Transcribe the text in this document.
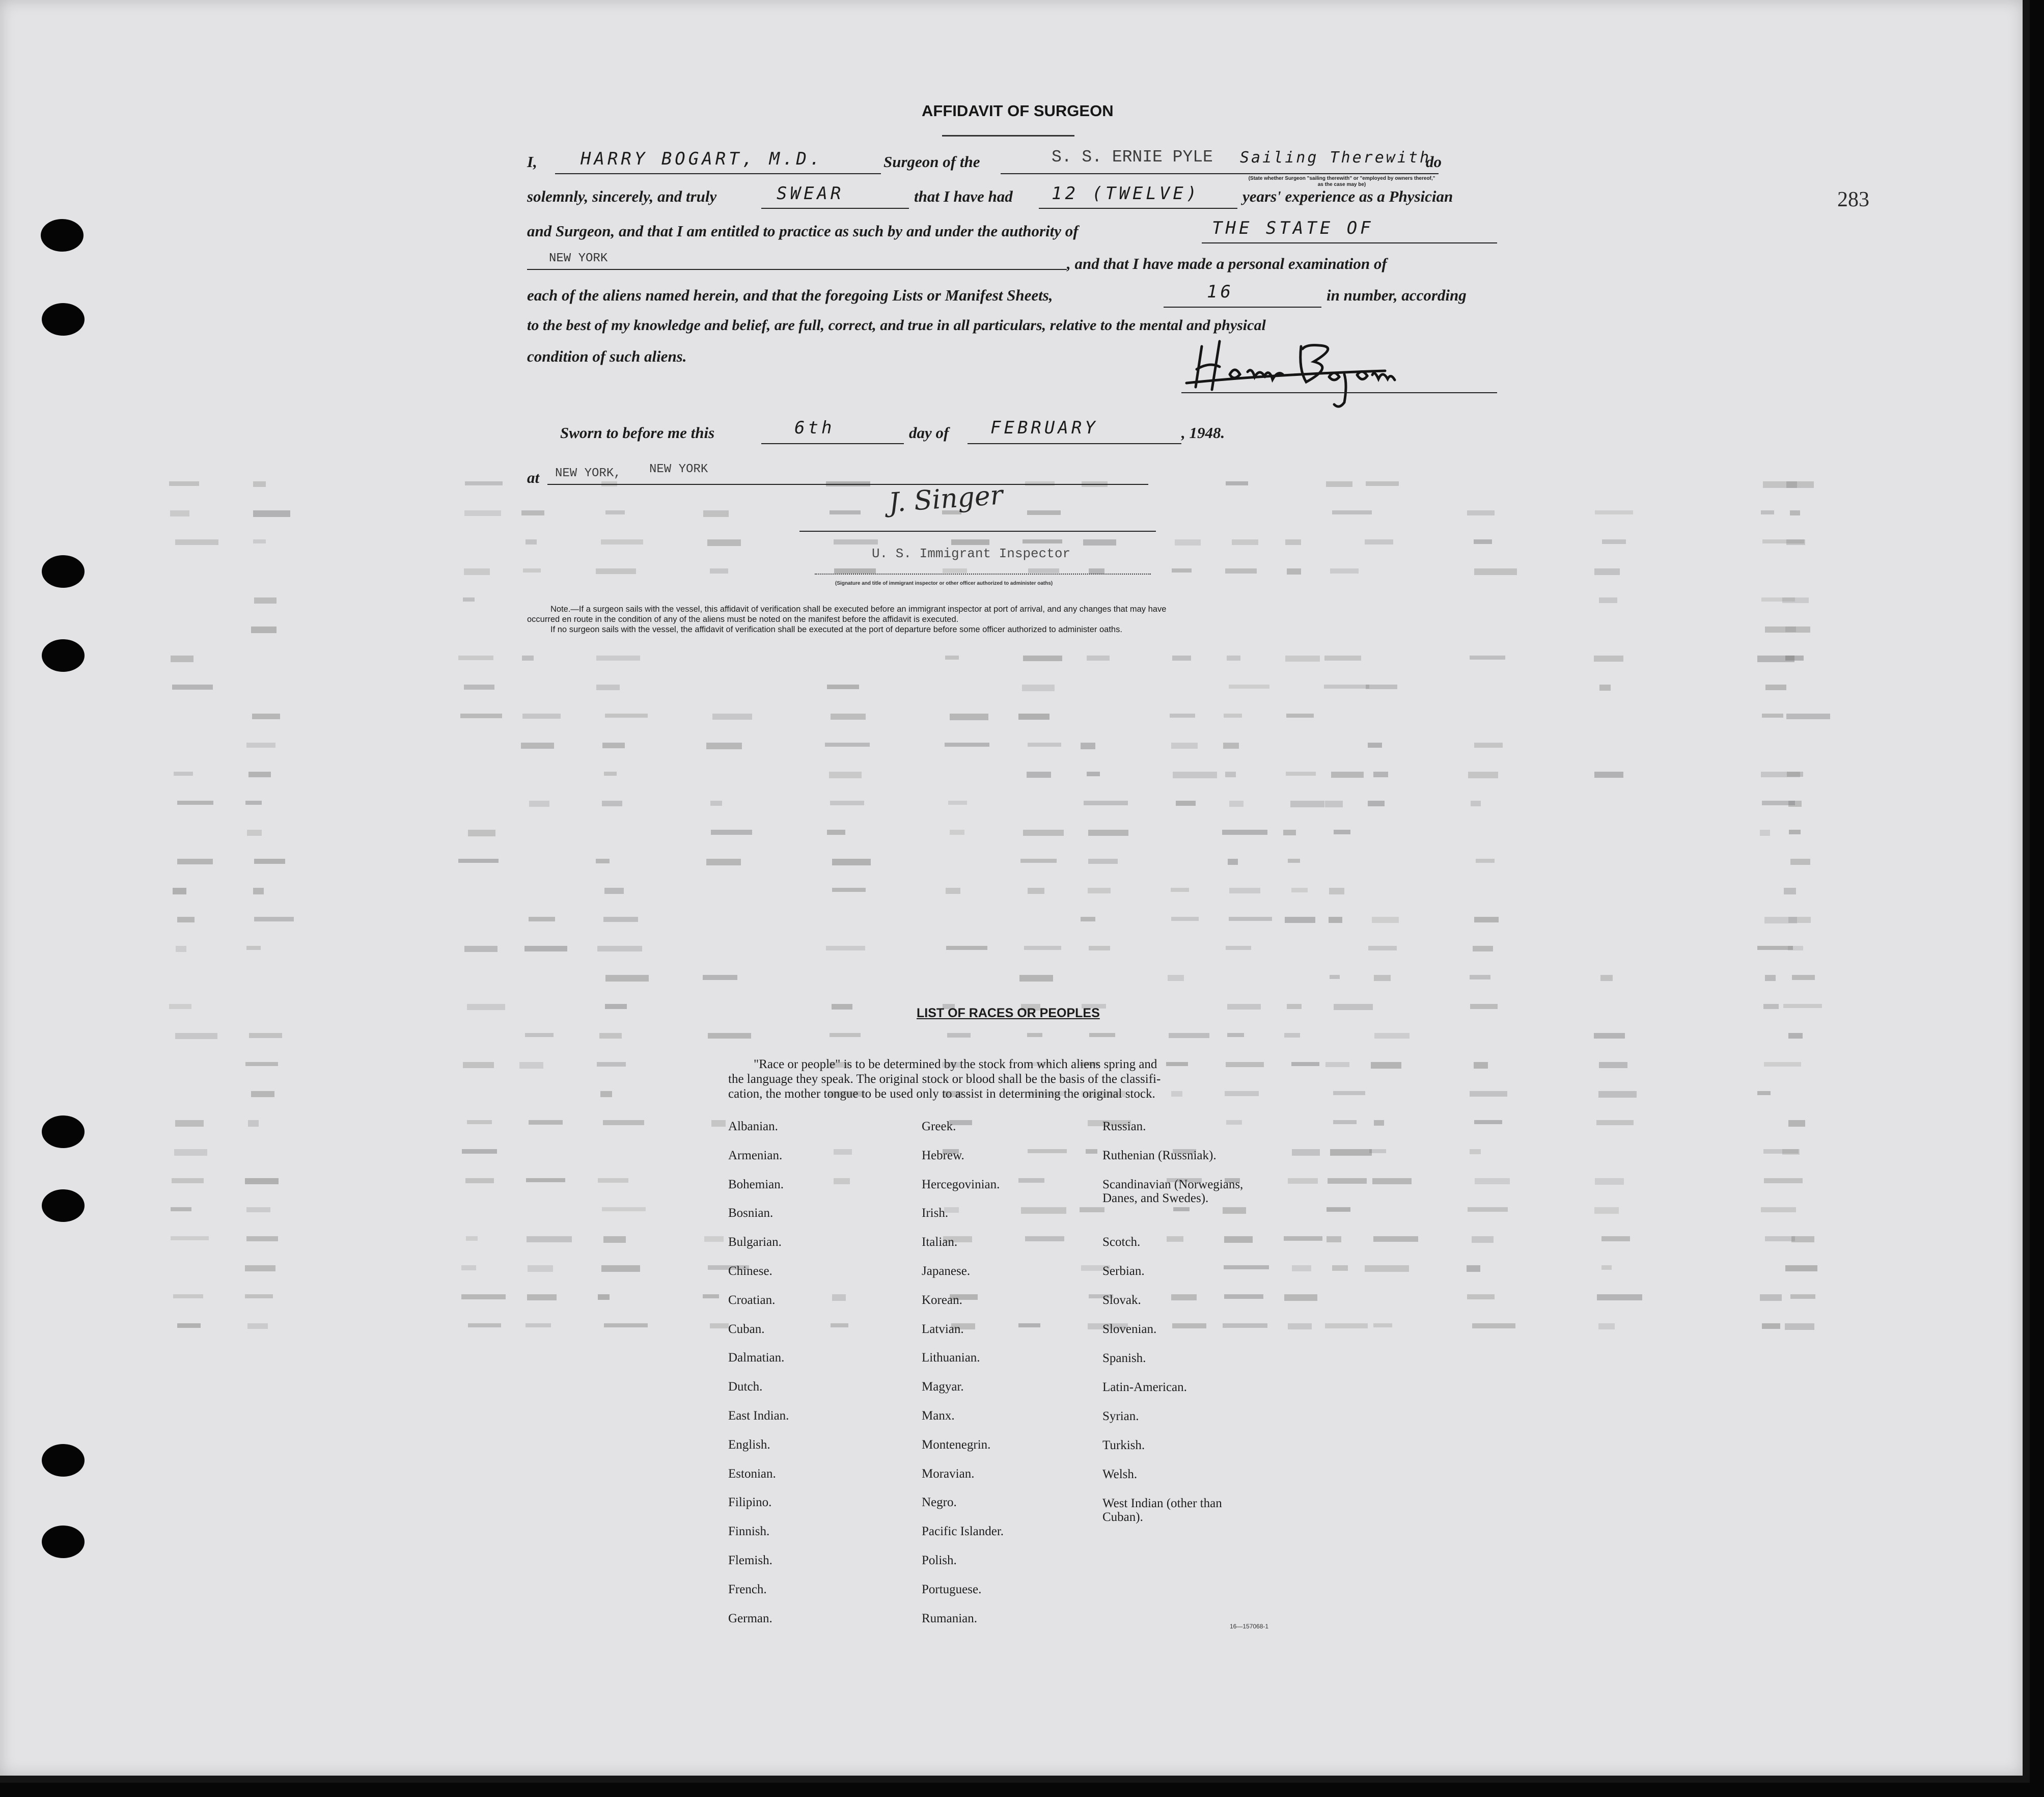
283
AFFIDAVIT OF SURGEON
I,	HARRY BOGART, M.D.	Surgeon of the	S. S. ERNIE PYLE Sailing Therewith
do
(State whether Surgeon "sailing therewith" or "employed by owners thereof," as the case may be)
solemnly, sincerely, and truly	SWEAR	that I have had 12 (TWELVE)	years' experience as a Physician
and Surgeon, and that I am entitled to practice as such by and under the authority of	THE STATE OF
NEW YORK	, and that I have made a personal examination of
each of the aliens named herein, and that the foregoing Lists or Manifest Sheets,	16	in number, according
to the best of my knowledge and belief, are full, correct, and true in all particulars, relative to the mental and physical
condition of such aliens.
Sworn to before me this	6th	day of FEBRUARY	, 1948.
at NEW YORK, NEW YORK
J. Singer
U. S. Immigrant Inspector
(Signature and title of immigrant inspector or other officer authorized to administer oaths)
Note.—If a surgeon sails with the vessel, this affidavit of verification shall be executed before an immigrant inspector at port of arrival, and any changes that may have
occurred en route in the condition of any of the aliens must be noted on the manifest before the affidavit is executed.
If no surgeon sails with the vessel, the affidavit of verification shall be executed at the port of departure before some officer authorized to administer oaths.
LIST OF RACES OR PEOPLES
"Race or people" is to be determined by the stock from which aliens spring and
the language they speak. The original stock or blood shall be the basis of the classifi-
cation, the mother tongue to be used only to assist in determining the original stock.
Albanian.
Armenian.
Bohemian.
Bosnian.
Bulgarian.
Chinese.
Croatian.
Cuban.
Dalmatian.
Dutch.
East Indian.
English.
Estonian.
Filipino.
Finnish.
Flemish.
French.
German.
Greek.
Hebrew.
Hercegovinian.
Irish.
Italian.
Japanese.
Korean.
Latvian.
Lithuanian.
Magyar.
Manx.
Montenegrin.
Moravian.
Negro.
Pacific Islander.
Polish.
Portuguese.
Rumanian.
Russian.
Ruthenian (Russniak).
Scandinavian (Norwegians,
Danes, and Swedes).
Scotch.
Serbian.
Slovak.
Slovenian.
Spanish.
Latin-American.
Syrian.
Turkish.
Welsh.
West Indian (other than
Cuban).
16—157068-1
